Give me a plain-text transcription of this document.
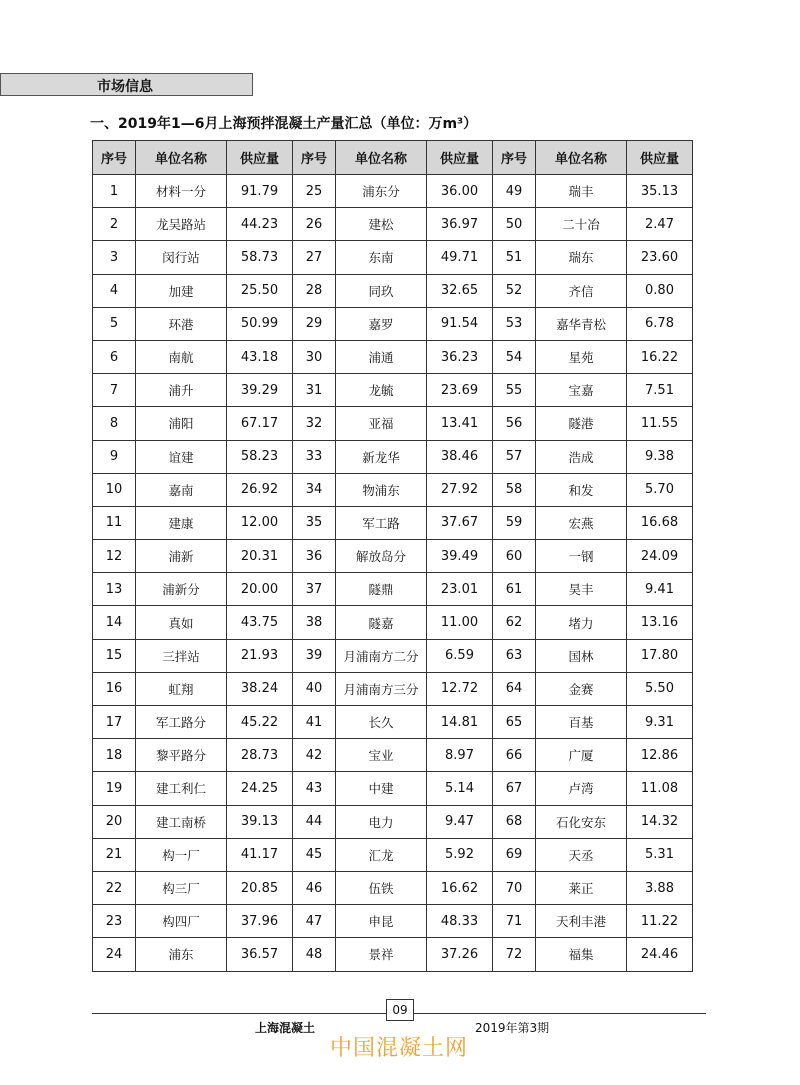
市场信息
一、2019年1—6月上海预拌混凝土产量汇总（单位：万m³）
序号	单位名称	供应量	序号	单位名称	供应量	序号	单位名称	供应量
1	材料一分	91.79	25	浦东分	36.00	49	瑞丰	35.13
2	龙吴路站	44.23	26	建松	36.97	50	二十冶	2.47
3	闵行站	58.73	27	东南	49.71	51	瑞东	23.60
4	加建	25.50	28	同玖	32.65	52	齐信	0.80
5	环港	50.99	29	嘉罗	91.54	53	嘉华青松	6.78
6	南航	43.18	30	浦通	36.23	54	星苑	16.22
7	浦升	39.29	31	龙毓	23.69	55	宝嘉	7.51
8	浦阳	67.17	32	亚福	13.41	56	隧港	11.55
9	谊建	58.23	33	新龙华	38.46	57	浩成	9.38
10	嘉南	26.92	34	物浦东	27.92	58	和发	5.70
11	建康	12.00	35	军工路	37.67	59	宏燕	16.68
12	浦新	20.31	36	解放岛分	39.49	60	一钢	24.09
13	浦新分	20.00	37	隧鼎	23.01	61	昊丰	9.41
14	真如	43.75	38	隧嘉	11.00	62	堵力	13.16
15	三拌站	21.93	39	月浦南方二分	6.59	63	国林	17.80
16	虹翔	38.24	40	月浦南方三分	12.72	64	金赛	5.50
17	军工路分	45.22	41	长久	14.81	65	百基	9.31
18	黎平路分	28.73	42	宝业	8.97	66	广厦	12.86
19	建工利仁	24.25	43	中建	5.14	67	卢湾	11.08
20	建工南桥	39.13	44	电力	9.47	68	石化安东	14.32
21	构一厂	41.17	45	汇龙	5.92	69	天丞	5.31
22	构三厂	20.85	46	伍铁	16.62	70	莱正	3.88
23	构四厂	37.96	47	申昆	48.33	71	天利丰港	11.22
24	浦东	36.57	48	景祥	37.26	72	福集	24.46
09
上海混凝土	2019年第3期
中国混凝土网
